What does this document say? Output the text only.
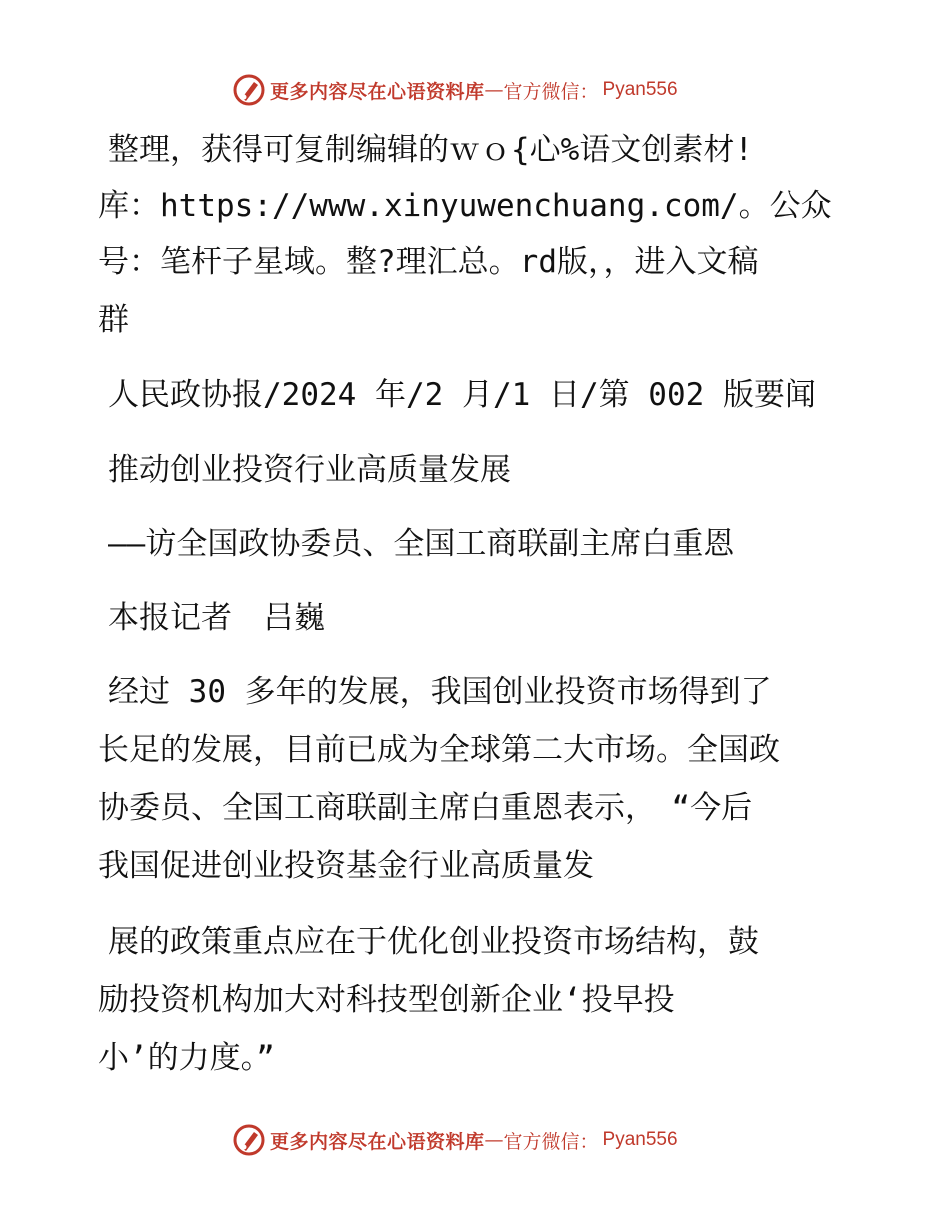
更多内容尽在心语资料库 — 官方微信： Pyan556
整理，获得可复制编辑的ｗｏ{心%语文创素材!
库：https://www.xinyuwenchuang.com/。公众
号：笔杆子星域。整?理汇总。rd版，，进入文稿
群
人民政协报/2024 年/2 月/1 日/第 002 版要闻
推动创业投资行业高质量发展
——访全国政协委员、全国工商联副主席白重恩
本报记者　吕巍
经过 30 多年的发展，我国创业投资市场得到了
长足的发展，目前已成为全球第二大市场。全国政
协委员、全国工商联副主席白重恩表示，　“今后
我国促进创业投资基金行业高质量发
展的政策重点应在于优化创业投资市场结构，鼓
励投资机构加大对科技型创新企业‘投早投
小’的力度。”
更多内容尽在心语资料库 — 官方微信： Pyan556
